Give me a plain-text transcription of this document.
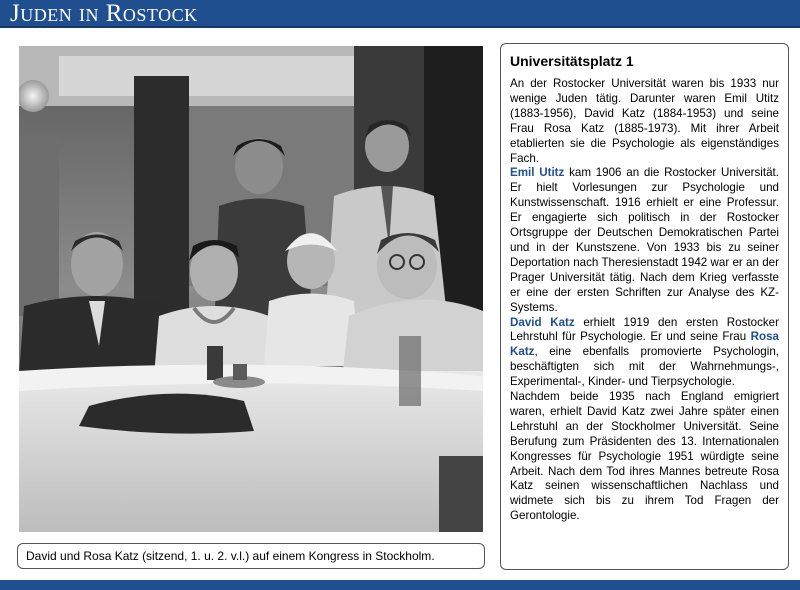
Juden in Rostock
David und Rosa Katz (sitzend, 1. u. 2. v.l.) auf einem Kongress in Stockholm.
Universitätsplatz 1

An der Rostocker Universität waren bis 1933 nur wenige Juden tätig. Darunter waren Emil Utitz (1883-1956), David Katz (1884-1953) und seine Frau Rosa Katz (1885-1973). Mit ihrer Arbeit etablierten sie die Psychologie als eigenständiges Fach.

Emil Utitz kam 1906 an die Rostocker Universität. Er hielt Vorlesungen zur Psychologie und Kunstwissenschaft. 1916 erhielt er eine Professur. Er engagierte sich politisch in der Rostocker Ortsgruppe der Deutschen Demokratischen Partei und in der Kunstszene. Von 1933 bis zu seiner Deportation nach Theresienstadt 1942 war er an der Prager Universität tätig. Nach dem Krieg verfasste er eine der ersten Schriften zur Analyse des KZ-Systems.

David Katz erhielt 1919 den ersten Rostocker Lehrstuhl für Psychologie. Er und seine Frau Rosa Katz, eine ebenfalls promovierte Psychologin, beschäftigten sich mit der Wahrnehmungs-, Experimental-, Kinder- und Tierpsychologie.

Nachdem beide 1935 nach England emigriert waren, erhielt David Katz zwei Jahre später einen Lehrstuhl an der Stockholmer Universität. Seine Berufung zum Präsidenten des 13. Internationalen Kongresses für Psychologie 1951 würdigte seine Arbeit. Nach dem Tod ihres Mannes betreute Rosa Katz seinen wissenschaftlichen Nachlass und widmete sich bis zu ihrem Tod Fragen der Gerontologie.
